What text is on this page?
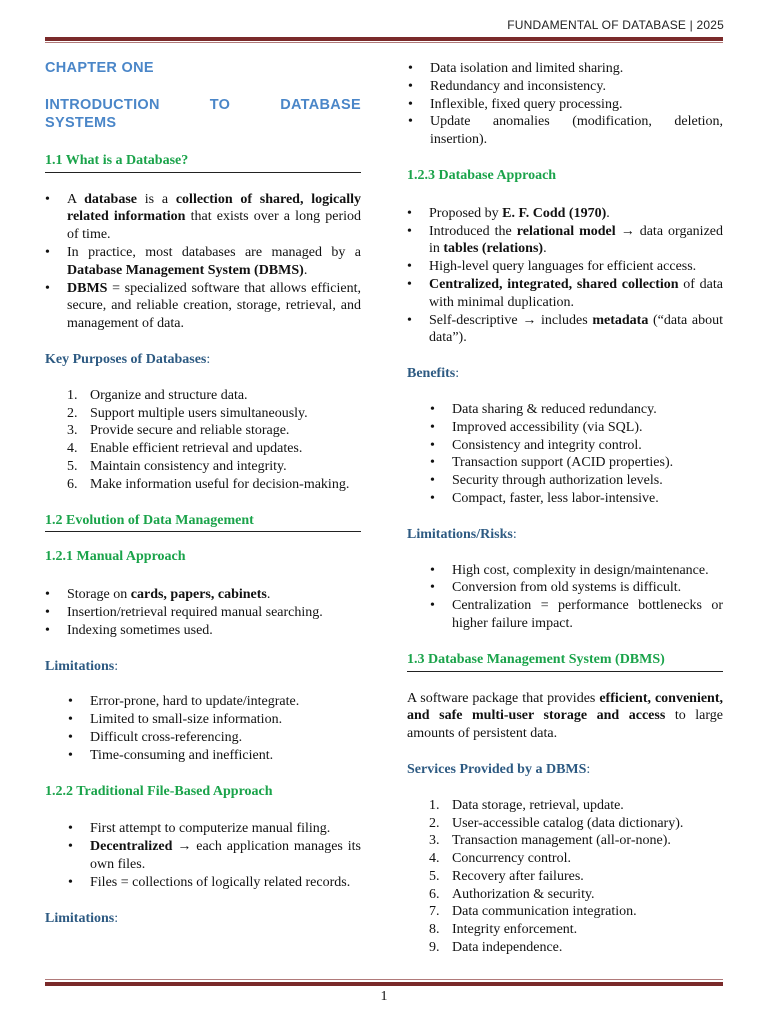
FUNDAMENTAL OF DATABASE | 2025
CHAPTER ONE
INTRODUCTION	TO	DATABASE
SYSTEMS
1.1 What is a Database?
• A database is a collection of shared, logically related information that exists over a long period of time.
• In practice, most databases are managed by a Database Management System (DBMS).
• DBMS = specialized software that allows efficient, secure, and reliable creation, storage, retrieval, and management of data.
Key Purposes of Databases:
1. Organize and structure data.
2. Support multiple users simultaneously.
3. Provide secure and reliable storage.
4. Enable efficient retrieval and updates.
5. Maintain consistency and integrity.
6. Make information useful for decision-making.
1.2 Evolution of Data Management
1.2.1 Manual Approach
• Storage on cards, papers, cabinets.
• Insertion/retrieval required manual searching.
• Indexing sometimes used.
Limitations:
• Error-prone, hard to update/integrate.
• Limited to small-size information.
• Difficult cross-referencing.
• Time-consuming and inefficient.
1.2.2 Traditional File-Based Approach
• First attempt to computerize manual filing.
• Decentralized → each application manages its own files.
• Files = collections of logically related records.
Limitations:
• Data isolation and limited sharing.
• Redundancy and inconsistency.
• Inflexible, fixed query processing.
• Update anomalies (modification, deletion, insertion).
1.2.3 Database Approach
• Proposed by E. F. Codd (1970).
• Introduced the relational model → data organized in tables (relations).
• High-level query languages for efficient access.
• Centralized, integrated, shared collection of data with minimal duplication.
• Self-descriptive → includes metadata (“data about data”).
Benefits:
• Data sharing & reduced redundancy.
• Improved accessibility (via SQL).
• Consistency and integrity control.
• Transaction support (ACID properties).
• Security through authorization levels.
• Compact, faster, less labor-intensive.
Limitations/Risks:
• High cost, complexity in design/maintenance.
• Conversion from old systems is difficult.
• Centralization = performance bottlenecks or higher failure impact.
1.3 Database Management System (DBMS)
A software package that provides efficient, convenient, and safe multi-user storage and access to large amounts of persistent data.
Services Provided by a DBMS:
1. Data storage, retrieval, update.
2. User-accessible catalog (data dictionary).
3. Transaction management (all-or-none).
4. Concurrency control.
5. Recovery after failures.
6. Authorization & security.
7. Data communication integration.
8. Integrity enforcement.
9. Data independence.
1
